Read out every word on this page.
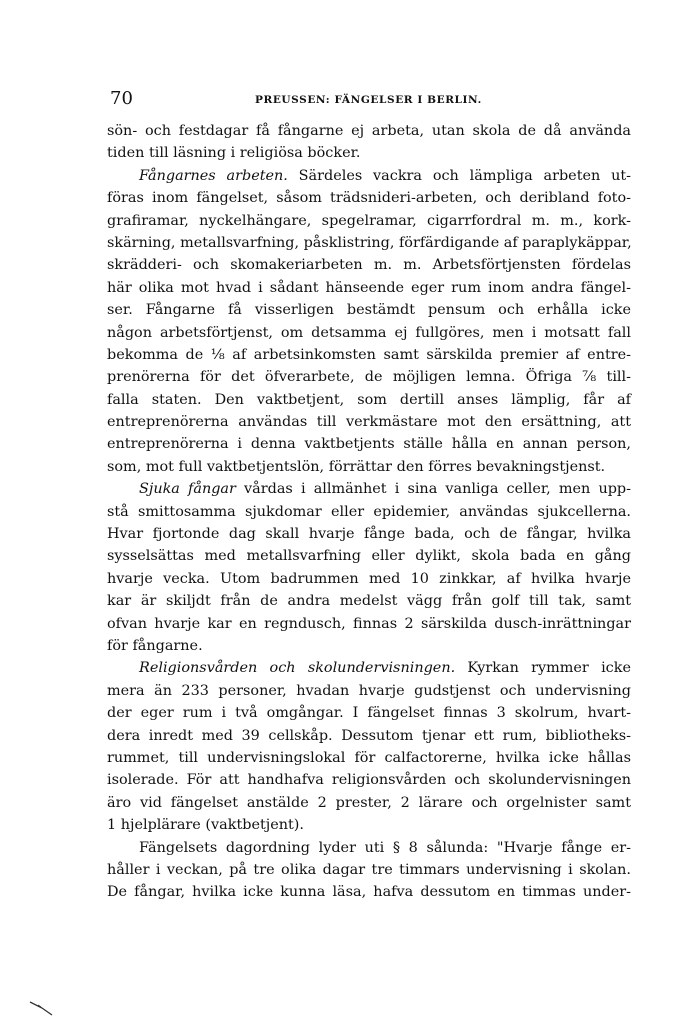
70	PREUSSEN: FÄNGELSER I BERLIN.
sön- och festdagar få fångarne ej arbeta, utan skola de då använda
tiden till läsning i religiösa böcker.
Fångarnes arbeten. Särdeles vackra och lämpliga arbeten ut-
föras inom fängelset, såsom trädsnideri-arbeten, och deribland foto-
grafiramar, nyckelhängare, spegelramar, cigarrfordral m. m., kork-
skärning, metallsvarfning, påsklistring, förfärdigande af paraplykäppar,
skrädderi- och skomakeriarbeten m. m. Arbetsförtjensten fördelas
här olika mot hvad i sådant hänseende eger rum inom andra fängel-
ser. Fångarne få visserligen bestämdt pensum och erhålla icke
någon arbetsförtjenst, om detsamma ej fullgöres, men i motsatt fall
bekomma de ⅛ af arbetsinkomsten samt särskilda premier af entre-
prenörerna för det öfverarbete, de möjligen lemna. Öfriga ⅞ till-
falla staten. Den vaktbetjent, som dertill anses lämplig, får af
entreprenörerna användas till verkmästare mot den ersättning, att
entreprenörerna i denna vaktbetjents ställe hålla en annan person,
som, mot full vaktbetjentslön, förrättar den förres bevakningstjenst.
Sjuka fångar vårdas i allmänhet i sina vanliga celler, men upp-
stå smittosamma sjukdomar eller epidemier, användas sjukcellerna.
Hvar fjortonde dag skall hvarje fånge bada, och de fångar, hvilka
sysselsättas med metallsvarfning eller dylikt, skola bada en gång
hvarje vecka. Utom badrummen med 10 zinkkar, af hvilka hvarje
kar är skiljdt från de andra medelst vägg från golf till tak, samt
ofvan hvarje kar en regndusch, finnas 2 särskilda dusch-inrättningar
för fångarne.
Religionsvården och skolundervisningen. Kyrkan rymmer icke
mera än 233 personer, hvadan hvarje gudstjenst och undervisning
der eger rum i två omgångar. I fängelset finnas 3 skolrum, hvart-
dera inredt med 39 cellskåp. Dessutom tjenar ett rum, bibliotheks-
rummet, till undervisningslokal för calfactorerne, hvilka icke hållas
isolerade. För att handhafva religionsvården och skolundervisningen
äro vid fängelset anstälde 2 prester, 2 lärare och orgelnister samt
1 hjelplärare (vaktbetjent).
Fängelsets dagordning lyder uti § 8 sålunda: "Hvarje fånge er-
håller i veckan, på tre olika dagar tre timmars undervisning i skolan.
De fångar, hvilka icke kunna läsa, hafva dessutom en timmas under-
